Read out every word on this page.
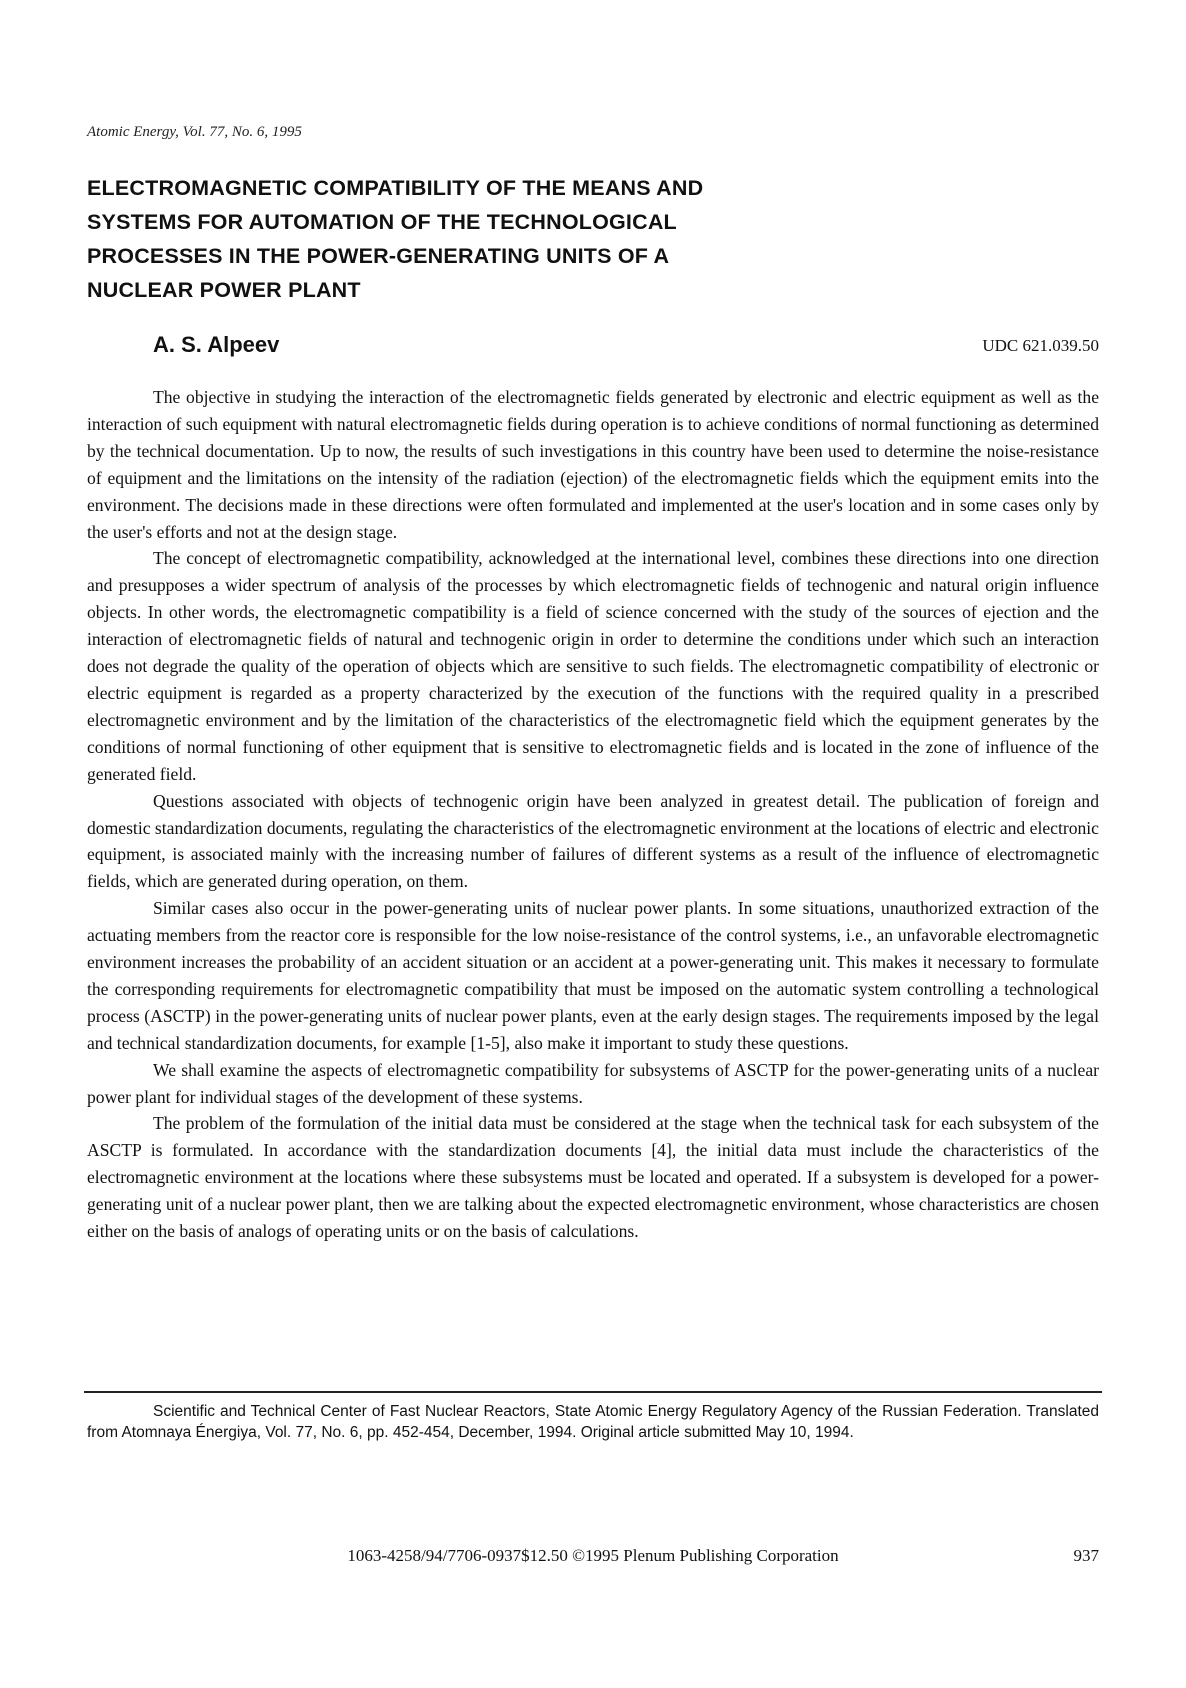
Atomic Energy, Vol. 77, No. 6, 1995
ELECTROMAGNETIC COMPATIBILITY OF THE MEANS AND
SYSTEMS FOR AUTOMATION OF THE TECHNOLOGICAL
PROCESSES IN THE POWER-GENERATING UNITS OF A
NUCLEAR POWER PLANT
A. S. Alpeev	UDC 621.039.50

The objective in studying the interaction of the electromagnetic fields generated by electronic and electric equipment as well as the interaction of such equipment with natural electromagnetic fields during operation is to achieve conditions of normal functioning as determined by the technical documentation. Up to now, the results of such investigations in this country have been used to determine the noise-resistance of equipment and the limitations on the intensity of the radiation (ejection) of the electromagnetic fields which the equipment emits into the environment. The decisions made in these directions were often formulated and implemented at the user's location and in some cases only by the user's efforts and not at the design stage.

The concept of electromagnetic compatibility, acknowledged at the international level, combines these directions into one direction and presupposes a wider spectrum of analysis of the processes by which electromagnetic fields of technogenic and natural origin influence objects. In other words, the electromagnetic compatibility is a field of science concerned with the study of the sources of ejection and the interaction of electromagnetic fields of natural and technogenic origin in order to determine the conditions under which such an interaction does not degrade the quality of the operation of objects which are sensitive to such fields. The electromagnetic compatibility of electronic or electric equipment is regarded as a property characterized by the execution of the functions with the required quality in a prescribed electromagnetic environment and by the limitation of the characteristics of the electromagnetic field which the equipment generates by the conditions of normal functioning of other equipment that is sensitive to electromagnetic fields and is located in the zone of influence of the generated field.

Questions associated with objects of technogenic origin have been analyzed in greatest detail. The publication of foreign and domestic standardization documents, regulating the characteristics of the electromagnetic environment at the locations of electric and electronic equipment, is associated mainly with the increasing number of failures of different systems as a result of the influence of electromagnetic fields, which are generated during operation, on them.

Similar cases also occur in the power-generating units of nuclear power plants. In some situations, unauthorized extraction of the actuating members from the reactor core is responsible for the low noise-resistance of the control systems, i.e., an unfavorable electromagnetic environment increases the probability of an accident situation or an accident at a power-generating unit. This makes it necessary to formulate the corresponding requirements for electromagnetic compatibility that must be imposed on the automatic system controlling a technological process (ASCTP) in the power-generating units of nuclear power plants, even at the early design stages. The requirements imposed by the legal and technical standardization documents, for example [1-5], also make it important to study these questions.

We shall examine the aspects of electromagnetic compatibility for subsystems of ASCTP for the power-generating units of a nuclear power plant for individual stages of the development of these systems.

The problem of the formulation of the initial data must be considered at the stage when the technical task for each subsystem of the ASCTP is formulated. In accordance with the standardization documents [4], the initial data must include the characteristics of the electromagnetic environment at the locations where these subsystems must be located and operated. If a subsystem is developed for a power-generating unit of a nuclear power plant, then we are talking about the expected electromagnetic environment, whose characteristics are chosen either on the basis of analogs of operating units or on the basis of calculations.

Scientific and Technical Center of Fast Nuclear Reactors, State Atomic Energy Regulatory Agency of the Russian Federation. Translated from Atomnaya Énergiya, Vol. 77, No. 6, pp. 452-454, December, 1994. Original article submitted May 10, 1994.

1063-4258/94/7706-0937$12.50 ©1995 Plenum Publishing Corporation	937
